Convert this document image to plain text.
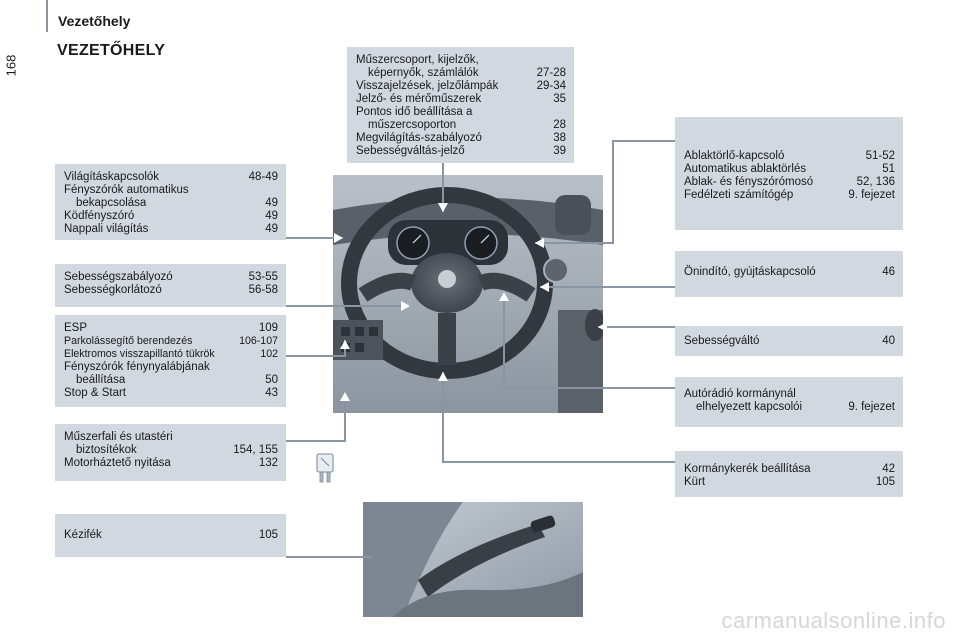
168
Vezetőhely
VEZETŐHELY
Műszercsoport, kijelzők,
képernyők, számlálók	27-28
Visszajelzések, jelzőlámpák	29-34
Jelző- és mérőműszerek	35
Pontos idő beállítása a
műszercsoporton	28
Megvilágítás-szabályozó	38
Sebességváltás-jelző	39
Világításkapcsolók	48-49
Fényszórók automatikus
bekapcsolása	49
Ködfényszóró	49
Nappali világítás	49
Sebességszabályozó	53-55
Sebességkorlátozó	56-58
ESP	109
Parkolássegítő berendezés	106-107
Elektromos visszapillantó tükrök	102
Fényszórók fénynyalábjának
beállítása	50
Stop & Start	43
Műszerfali és utastéri
biztosítékok	154, 155
Motorháztető nyitása	132
Kézifék	105
Ablaktörlő-kapcsoló	51-52
Automatikus ablaktörlés	51
Ablak- és fényszórómosó	52, 136
Fedélzeti számítógép	9. fejezet
Önindító, gyújtáskapcsoló	46
Sebességváltó	40
Autórádió kormánynál
elhelyezett kapcsolói	9. fejezet
Kormánykerék beállítása	42
Kürt	105
carmanualsonline.info
